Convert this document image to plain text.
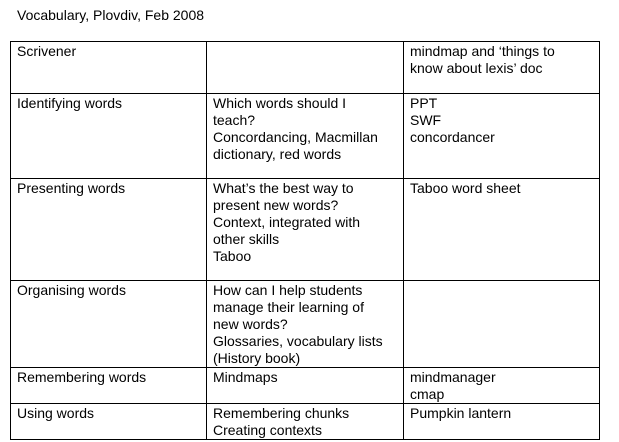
Vocabulary, Plovdiv, Feb 2008
Scrivener		mindmap and ‘things to
know about lexis’ doc

Identifying words	Which words should I
teach?
Concordancing, Macmillan
dictionary, red words	PPT
SWF
concordancer

Presenting words	What’s the best way to
present new words?
Context, integrated with
other skills
Taboo	Taboo word sheet

Organising words	How can I help students
manage their learning of
new words?
Glossaries, vocabulary lists
(History book)	

Remembering words	Mindmaps	mindmanager
cmap

Using words	Remembering chunks
Creating contexts	Pumpkin lantern
